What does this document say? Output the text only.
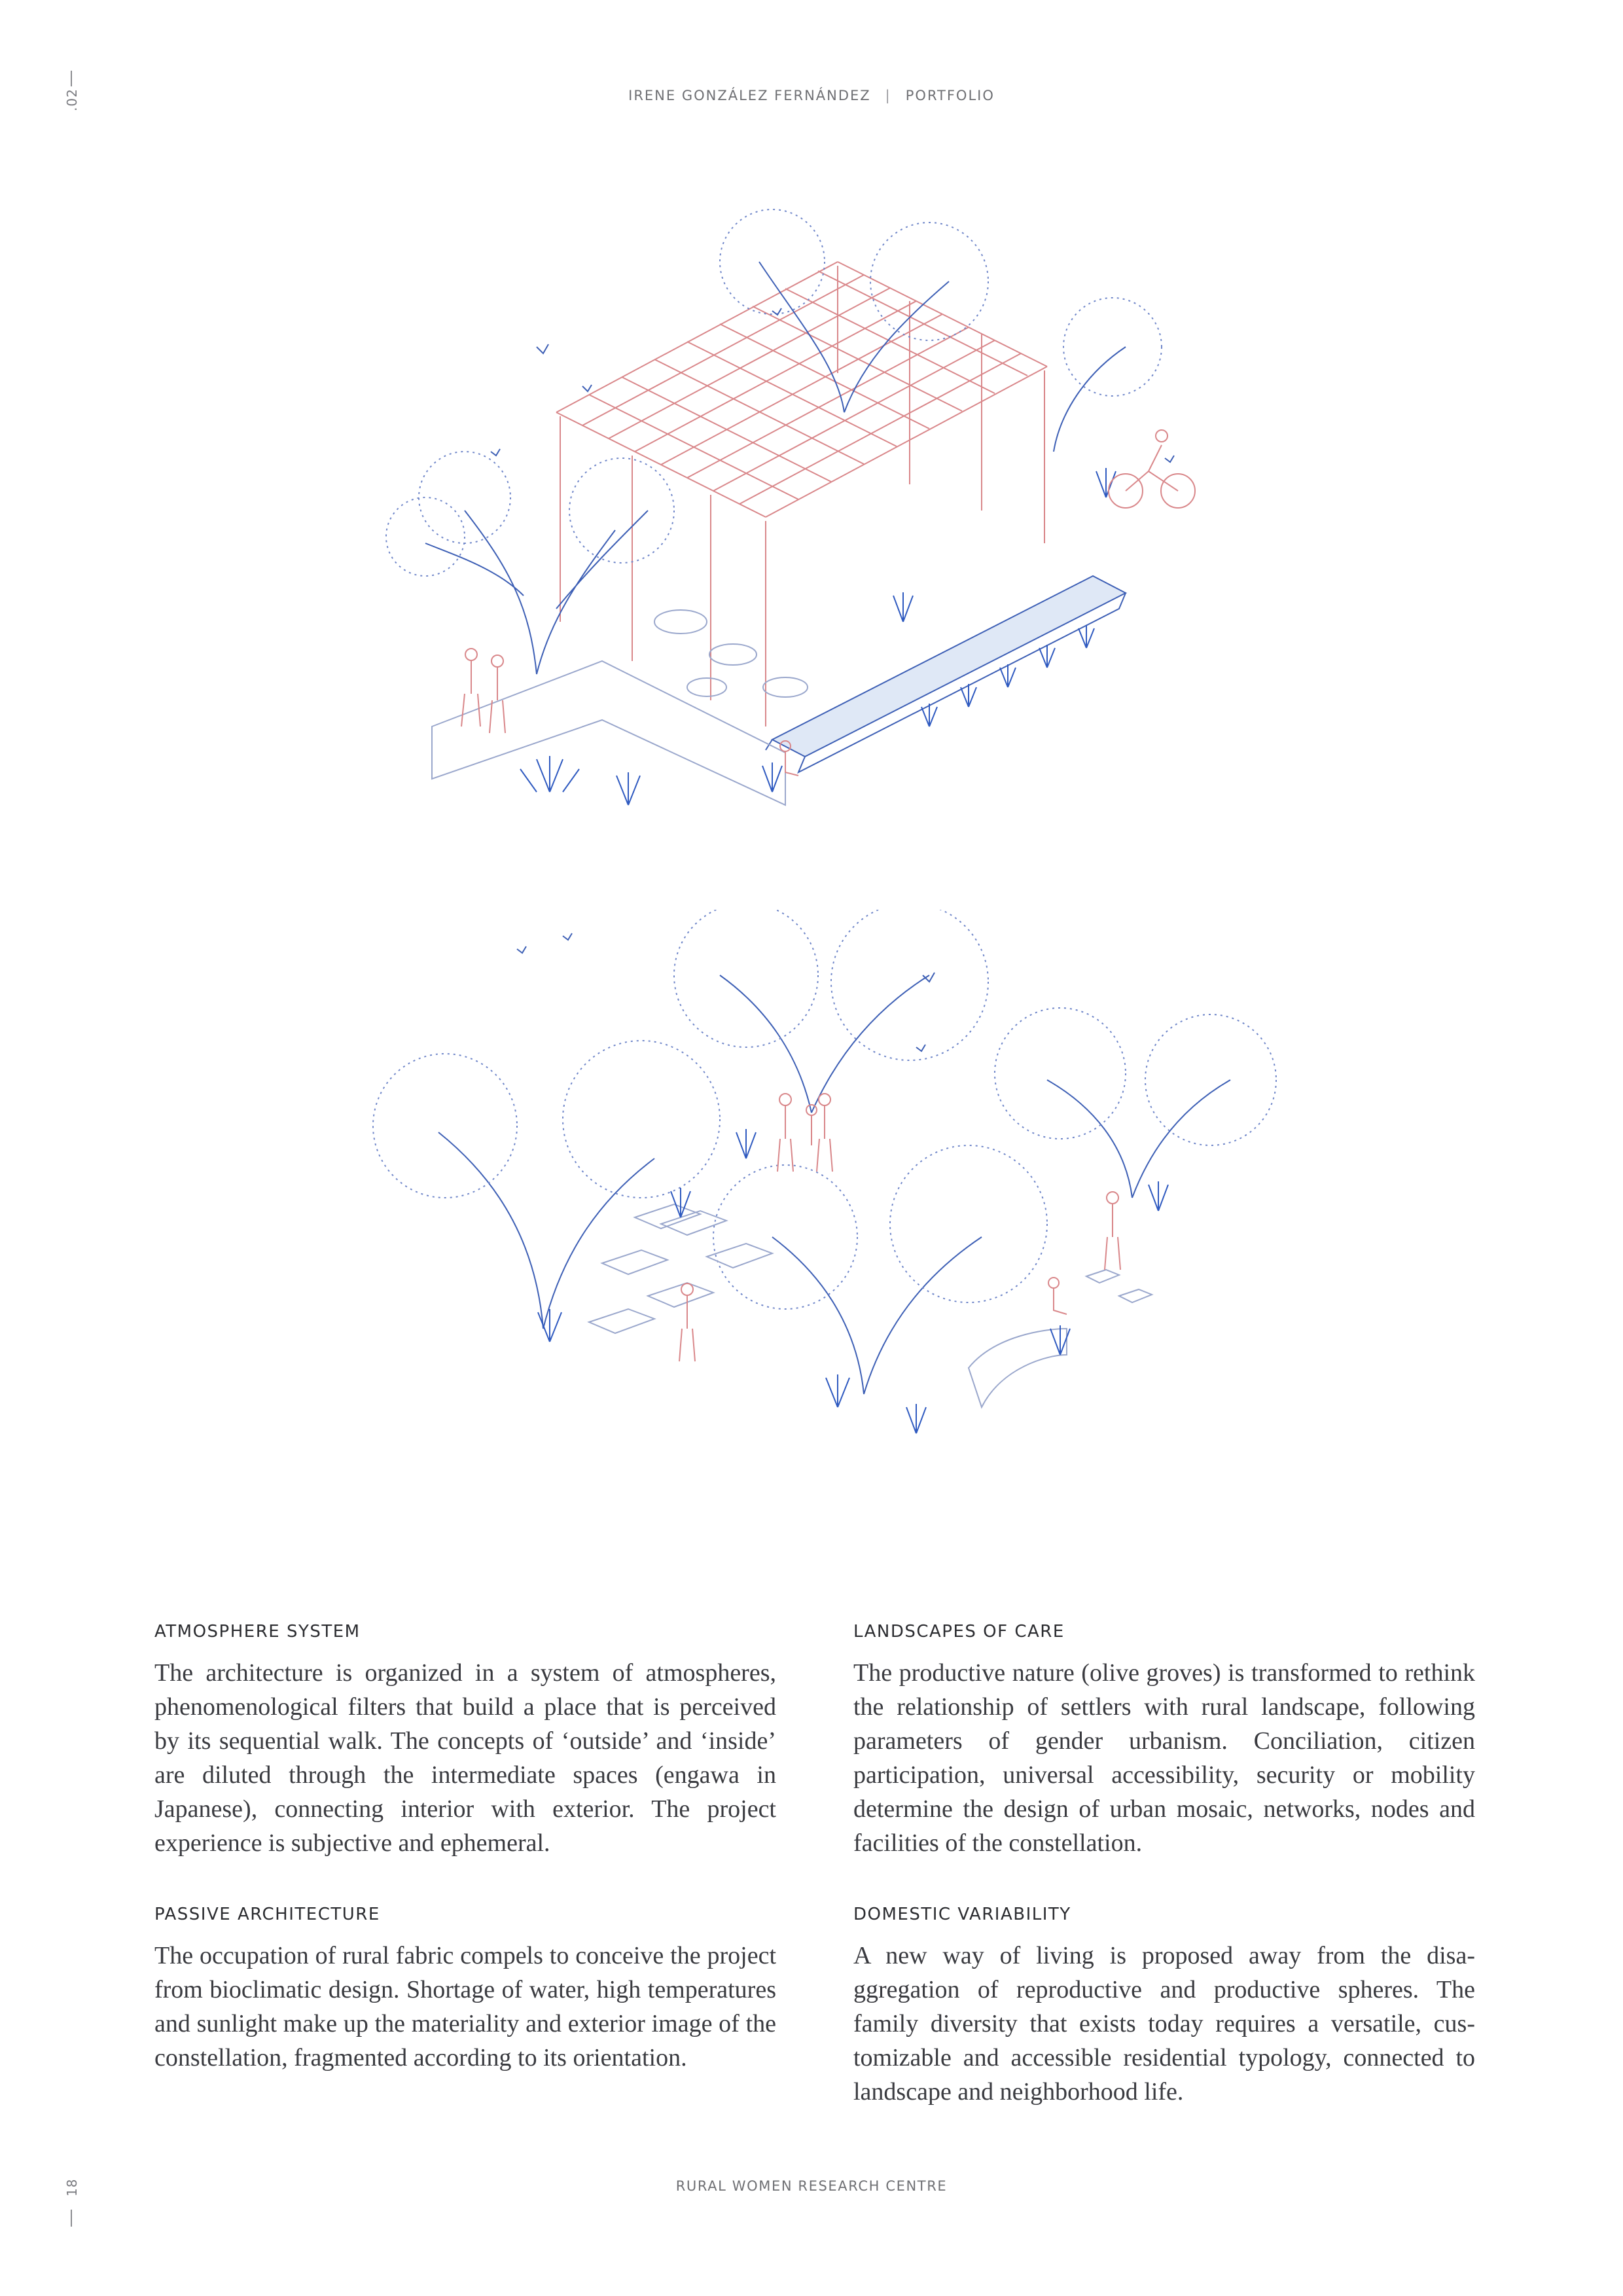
IRENE GONZÁLEZ FERNÁNDEZ | PORTFOLIO
.02
18
ATMOSPHERE SYSTEM

The architecture is organized in a system of atmospheres, phenomenological filters that build a place that is perceived by its sequential walk. The concepts of ‘outside’ and ‘inside’ are diluted through the intermediate spaces (engawa in Japanese), connecting interior with exterior. The project experience is subjective and ephemeral.

LANDSCAPES OF CARE

The productive nature (olive groves) is transformed to rethink the relationship of settlers with rural landscape, following parameters of gender urbanism. Conciliation, citizen participation, universal accessibility, security or mobility determine the design of urban mosaic, networks, nodes and facilities of the constellation.

PASSIVE ARCHITECTURE

The occupation of rural fabric compels to conceive the project from bioclimatic design. Shortage of water, high temperatures and sunlight make up the materiality and exterior image of the constellation, fragmented according to its orientation.

DOMESTIC VARIABILITY

A new way of living is proposed away from the disaggregation of reproductive and productive spheres. The family diversity that exists today requires a versatile, customizable and accessible residential typology, connected to landscape and neighborhood life.

RURAL WOMEN RESEARCH CENTRE
